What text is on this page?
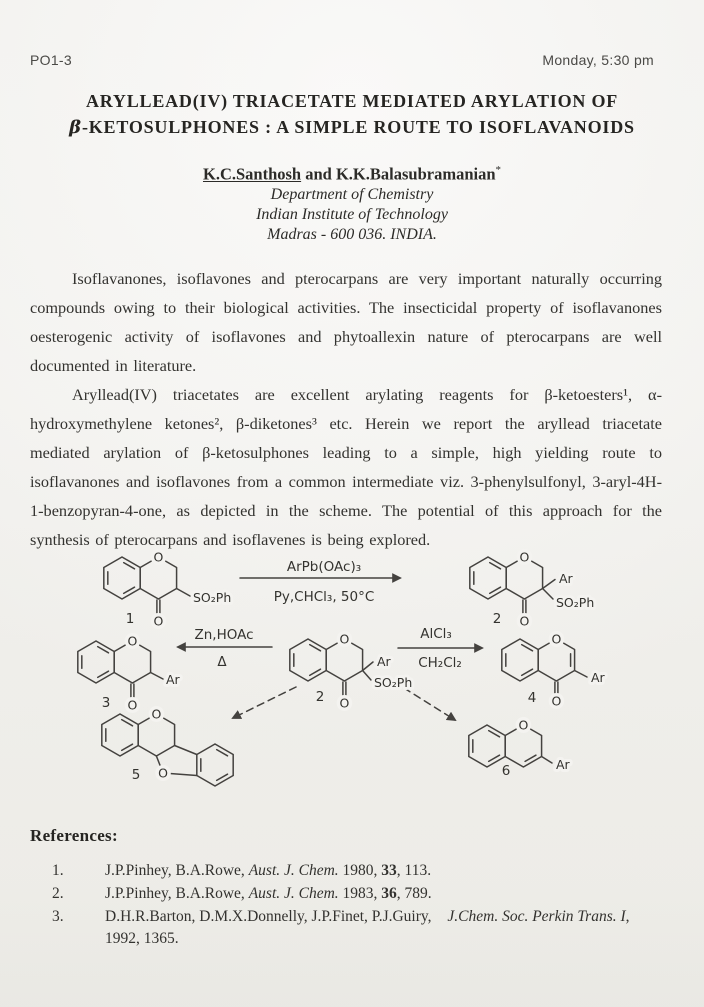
PO1-3	Monday, 5:30 pm
ARYLLEAD(IV) TRIACETATE MEDIATED ARYLATION OF
β-KETOSULPHONES : A SIMPLE ROUTE TO ISOFLAVANOIDS
K.C.Santhosh and K.K.Balasubramanian*
Department of Chemistry
Indian Institute of Technology
Madras - 600 036. INDIA.

Isoflavanones, isoflavones and pterocarpans are very important naturally occurring compounds owing to their biological activities. The insecticidal property of isoflavanones oesterogenic activity of isoflavones and phytoallexin nature of pterocarpans are well documented in literature.

Aryllead(IV) triacetates are excellent arylating reagents for β-ketoesters¹, α-hydroxymethylene ketones², β-diketones³ etc. Herein we report the aryllead triacetate mediated arylation of β-ketosulphones leading to a simple, high yielding route to isoflavanones and isoflavones from a common intermediate viz. 3-phenylsulfonyl, 3-aryl-4H-1-benzopyran-4-one, as depicted in the scheme. The potential of this approach for the synthesis of pterocarpans and isoflavenes is being explored.

O
O
SO₂Ph
1
ArPb(OAc)₃
Py,CHCl₃, 50°C
O
O
Ar
SO₂Ph
2
O
O
Ar
3
Zn,HOAc
Δ
O
O
Ar
SO₂Ph
2
AlCl₃
CH₂Cl₂
O
O
Ar
4
O
O
5
O
Ar
6
References:
1.	J.P.Pinhey, B.A.Rowe, Aust. J. Chem. 1980, 33, 113.
2.	J.P.Pinhey, B.A.Rowe, Aust. J. Chem. 1983, 36, 789.
3.	D.H.R.Barton, D.M.X.Donnelly, J.P.Finet, P.J.Guiry, J.Chem. Soc. Perkin Trans. I, 1992, 1365.
